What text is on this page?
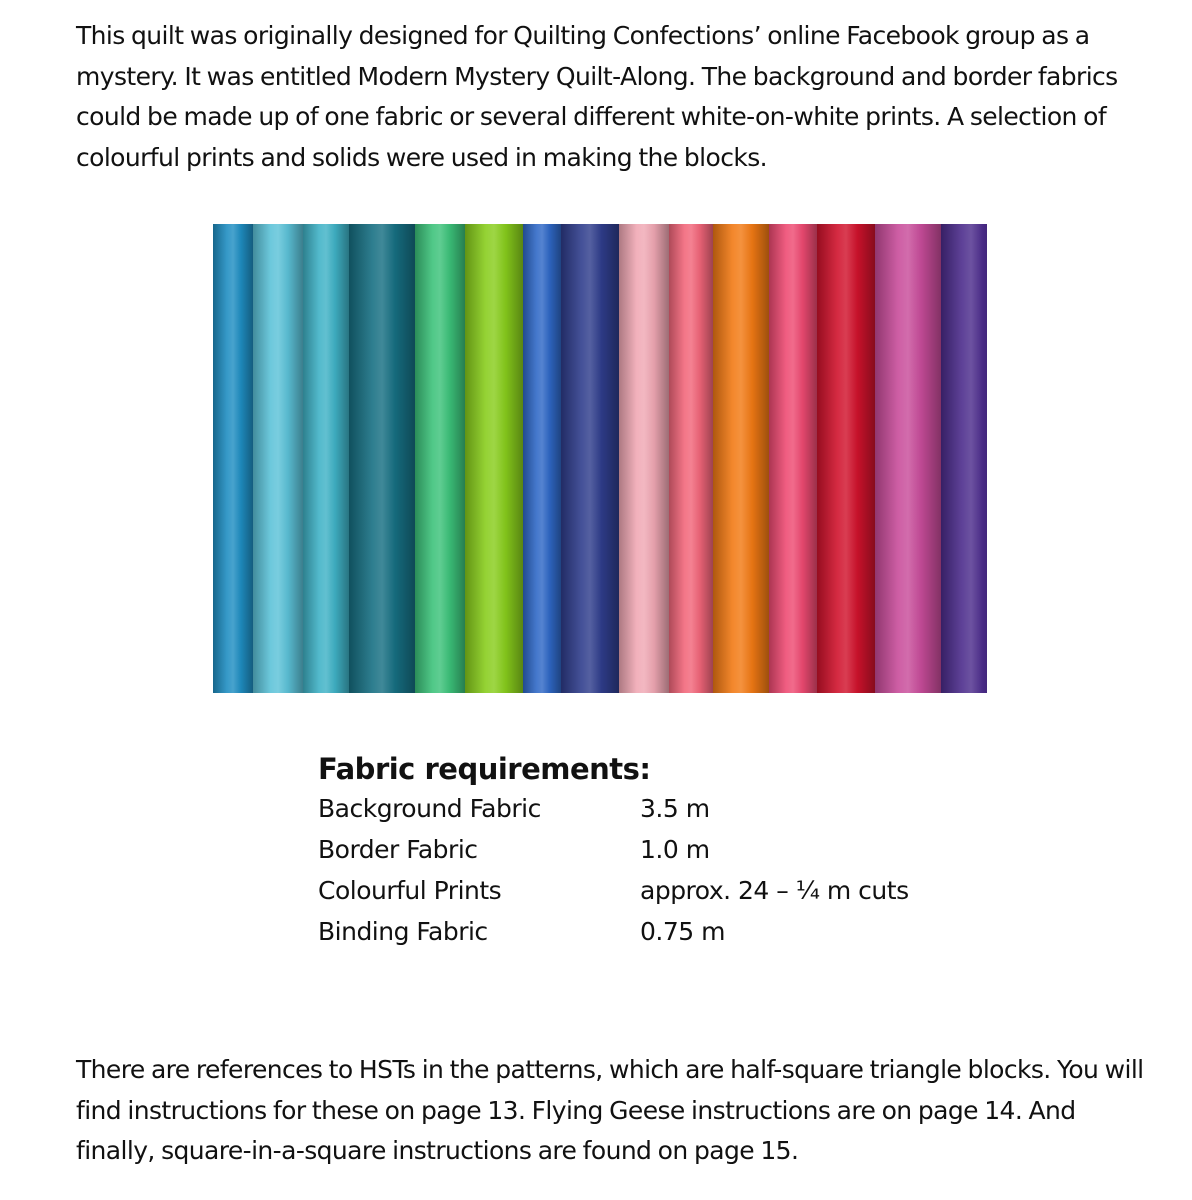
This quilt was originally designed for Quilting Confections’ online Facebook group as a mystery. It was entitled Modern Mystery Quilt-Along. The background and border fabrics could be made up of one fabric or several different white-on-white prints. A selection of colourful prints and solids were used in making the blocks.

Fabric requirements:
Background Fabric	3.5 m
Border Fabric	1.0 m
Colourful Prints	approx. 24 – ¼ m cuts
Binding Fabric	0.75 m

There are references to HSTs in the patterns, which are half-square triangle blocks. You will find instructions for these on page 13. Flying Geese instructions are on page 14. And finally, square-in-a-square instructions are found on page 15.
